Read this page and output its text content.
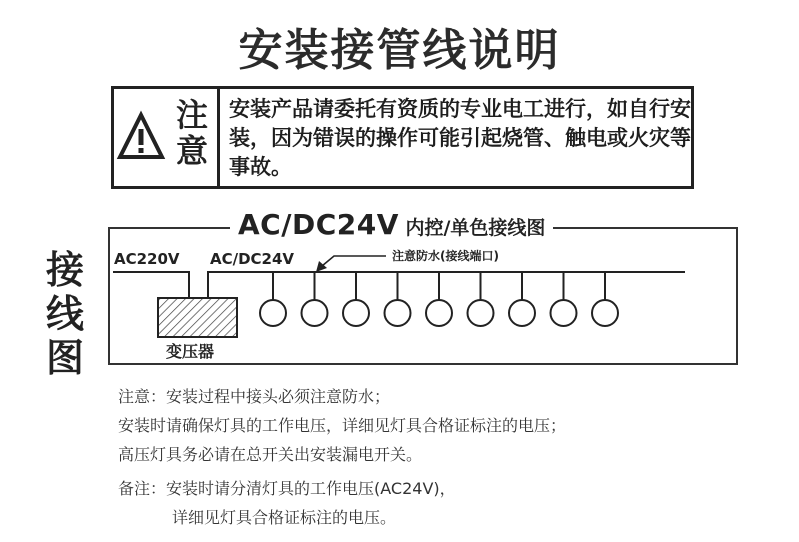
安装接管线说明
注
意
安装产品请委托有资质的专业电工进行，如自行安装，因为错误的操作可能引起烧管、触电或火灾等事故。
接
线
图
AC/DC24V 内控/单色接线图
AC220V AC/DC24V	注意防水(接线端口)
变压器
注意：安装过程中接头必须注意防水；
安装时请确保灯具的工作电压，详细见灯具合格证标注的电压；
高压灯具务必请在总开关出安装漏电开关。
备注：安装时请分清灯具的工作电压(AC24V)，
详细见灯具合格证标注的电压。
